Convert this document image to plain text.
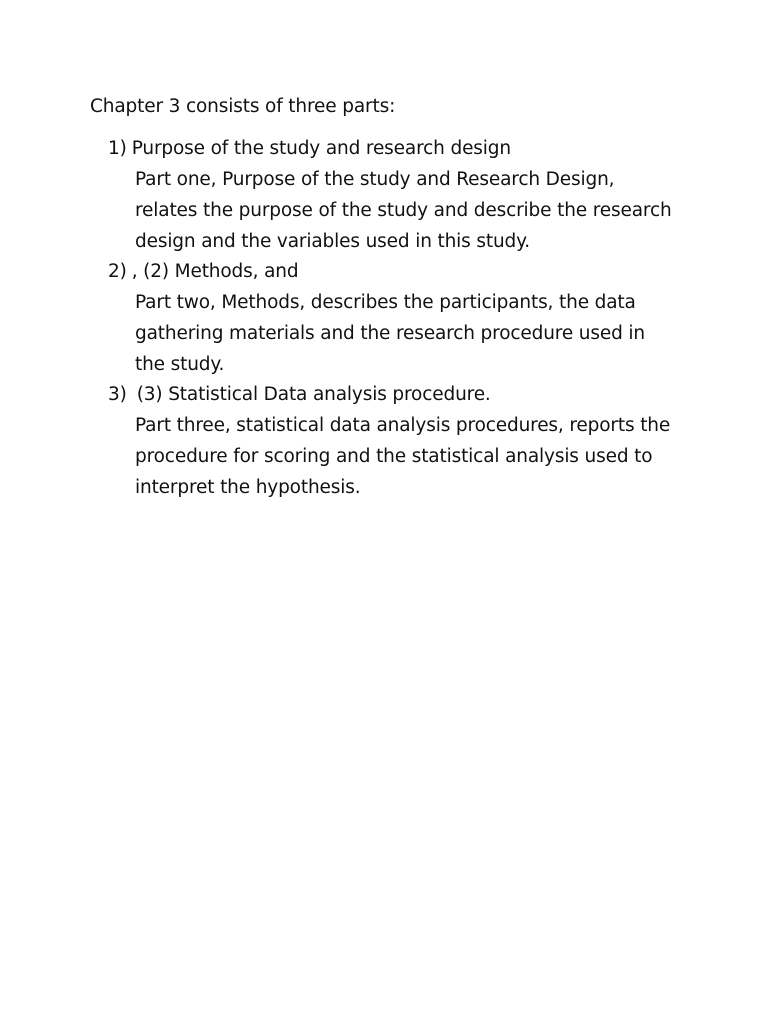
Chapter 3 consists of three parts:
1) Purpose of the study and research design
Part one, Purpose of the study and Research Design,
relates the purpose of the study and describe the research
design and the variables used in this study.
2) , (2) Methods, and
Part two, Methods, describes the participants, the data
gathering materials and the research procedure used in
the study.
3) (3) Statistical Data analysis procedure.
Part three, statistical data analysis procedures, reports the
procedure for scoring and the statistical analysis used to
interpret the hypothesis.
